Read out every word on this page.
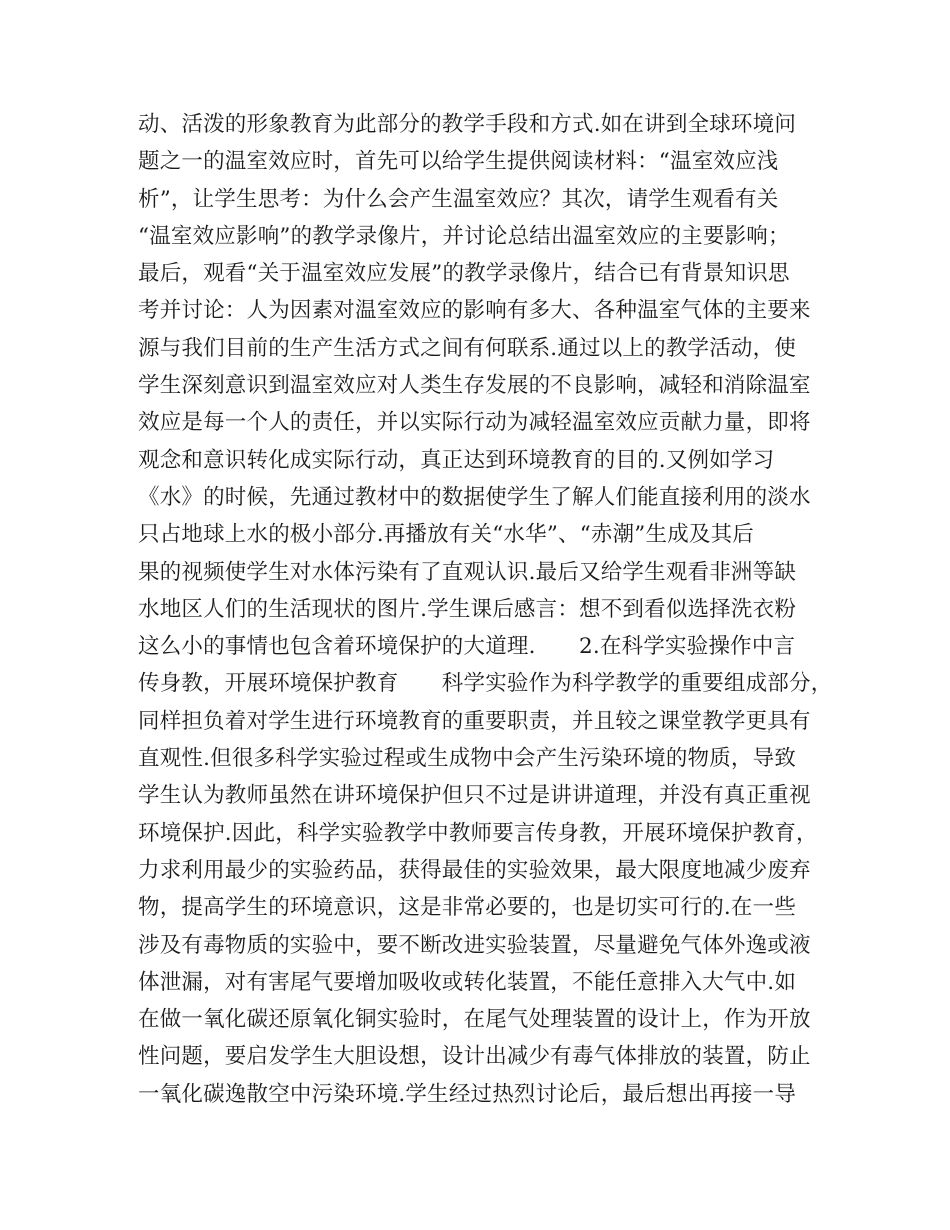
动、活泼的形象教育为此部分的教学手段和方式.如在讲到全球环境问
题之一的温室效应时，首先可以给学生提供阅读材料：“温室效应浅
析”，让学生思考：为什么会产生温室效应？其次，请学生观看有关
“温室效应影响”的教学录像片，并讨论总结出温室效应的主要影响；
最后，观看“关于温室效应发展”的教学录像片，结合已有背景知识思
考并讨论：人为因素对温室效应的影响有多大、各种温室气体的主要来
源与我们目前的生产生活方式之间有何联系.通过以上的教学活动，使
学生深刻意识到温室效应对人类生存发展的不良影响，减轻和消除温室
效应是每一个人的责任，并以实际行动为减轻温室效应贡献力量，即将
观念和意识转化成实际行动，真正达到环境教育的目的.又例如学习
《水》的时候，先通过教材中的数据使学生了解人们能直接利用的淡水
只占地球上水的极小部分.再播放有关“水华”、“赤潮”生成及其后
果的视频使学生对水体污染有了直观认识.最后又给学生观看非洲等缺
水地区人们的生活现状的图片.学生课后感言：想不到看似选择洗衣粉
这么小的事情也包含着环境保护的大道理.　　2.在科学实验操作中言
传身教，开展环境保护教育　　科学实验作为科学教学的重要组成部分，
同样担负着对学生进行环境教育的重要职责，并且较之课堂教学更具有
直观性.但很多科学实验过程或生成物中会产生污染环境的物质，导致
学生认为教师虽然在讲环境保护但只不过是讲讲道理，并没有真正重视
环境保护.因此，科学实验教学中教师要言传身教，开展环境保护教育，
力求利用最少的实验药品，获得最佳的实验效果，最大限度地减少废弃
物，提高学生的环境意识，这是非常必要的，也是切实可行的.在一些
涉及有毒物质的实验中，要不断改进实验装置，尽量避免气体外逸或液
体泄漏，对有害尾气要增加吸收或转化装置，不能任意排入大气中.如
在做一氧化碳还原氧化铜实验时，在尾气处理装置的设计上，作为开放
性问题，要启发学生大胆设想，设计出减少有毒气体排放的装置，防止
一氧化碳逸散空中污染环境.学生经过热烈讨论后，最后想出再接一导
